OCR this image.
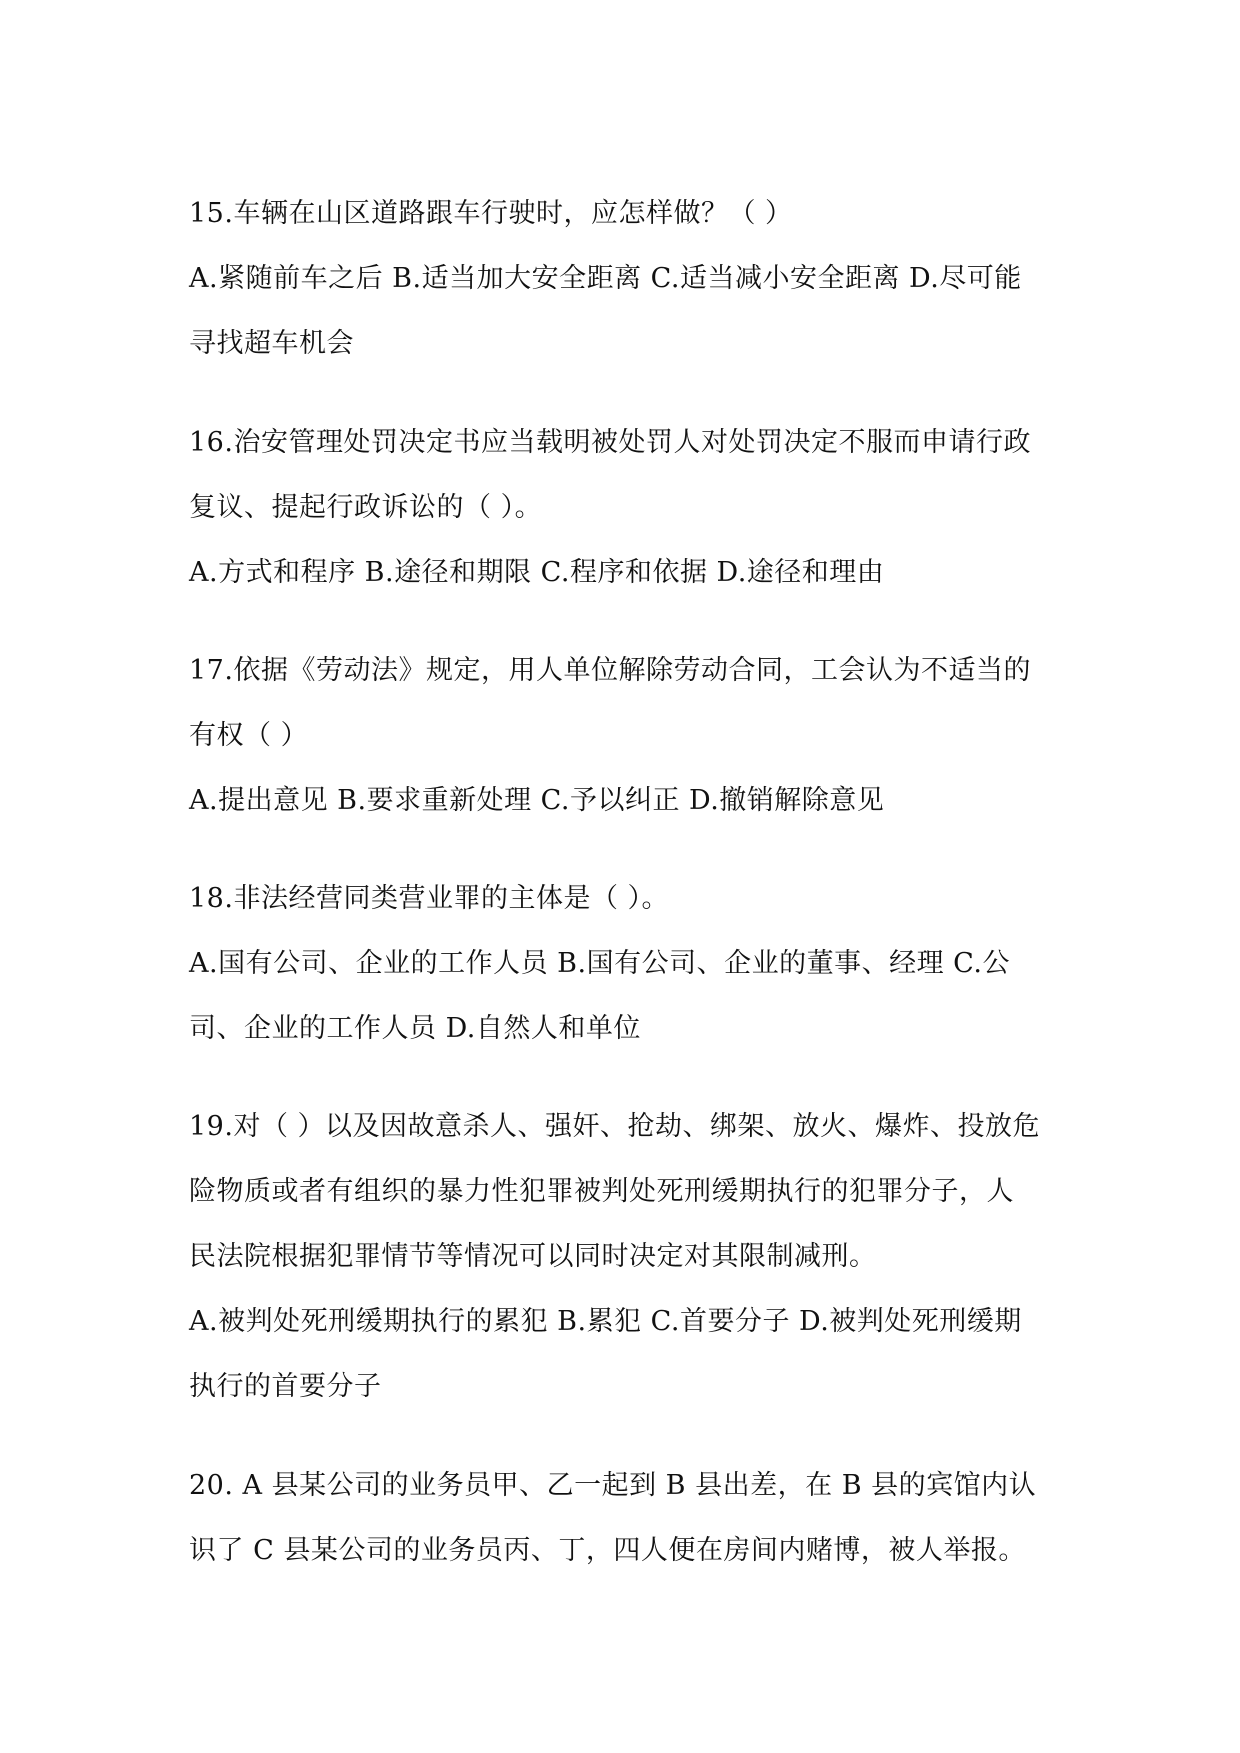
15.车辆在山区道路跟车行驶时，应怎样做？（ ）
A.紧随前车之后 B.适当加大安全距离 C.适当减小安全距离 D.尽可能
寻找超车机会
16.治安管理处罚决定书应当载明被处罚人对处罚决定不服而申请行政
复议、提起行政诉讼的（ ）。
A.方式和程序 B.途径和期限 C.程序和依据 D.途径和理由
17.依据《劳动法》规定，用人单位解除劳动合同，工会认为不适当的
有权（ ）
A.提出意见 B.要求重新处理 C.予以纠正 D.撤销解除意见
18.非法经营同类营业罪的主体是（ ）。
A.国有公司、企业的工作人员 B.国有公司、企业的董事、经理 C.公
司、企业的工作人员 D.自然人和单位
19.对（ ）以及因故意杀人、强奸、抢劫、绑架、放火、爆炸、投放危
险物质或者有组织的暴力性犯罪被判处死刑缓期执行的犯罪分子，人
民法院根据犯罪情节等情况可以同时决定对其限制减刑。
A.被判处死刑缓期执行的累犯 B.累犯 C.首要分子 D.被判处死刑缓期
执行的首要分子
20. A 县某公司的业务员甲、乙一起到 B 县出差，在 B 县的宾馆内认
识了 C 县某公司的业务员丙、丁，四人便在房间内赌博，被人举报。
